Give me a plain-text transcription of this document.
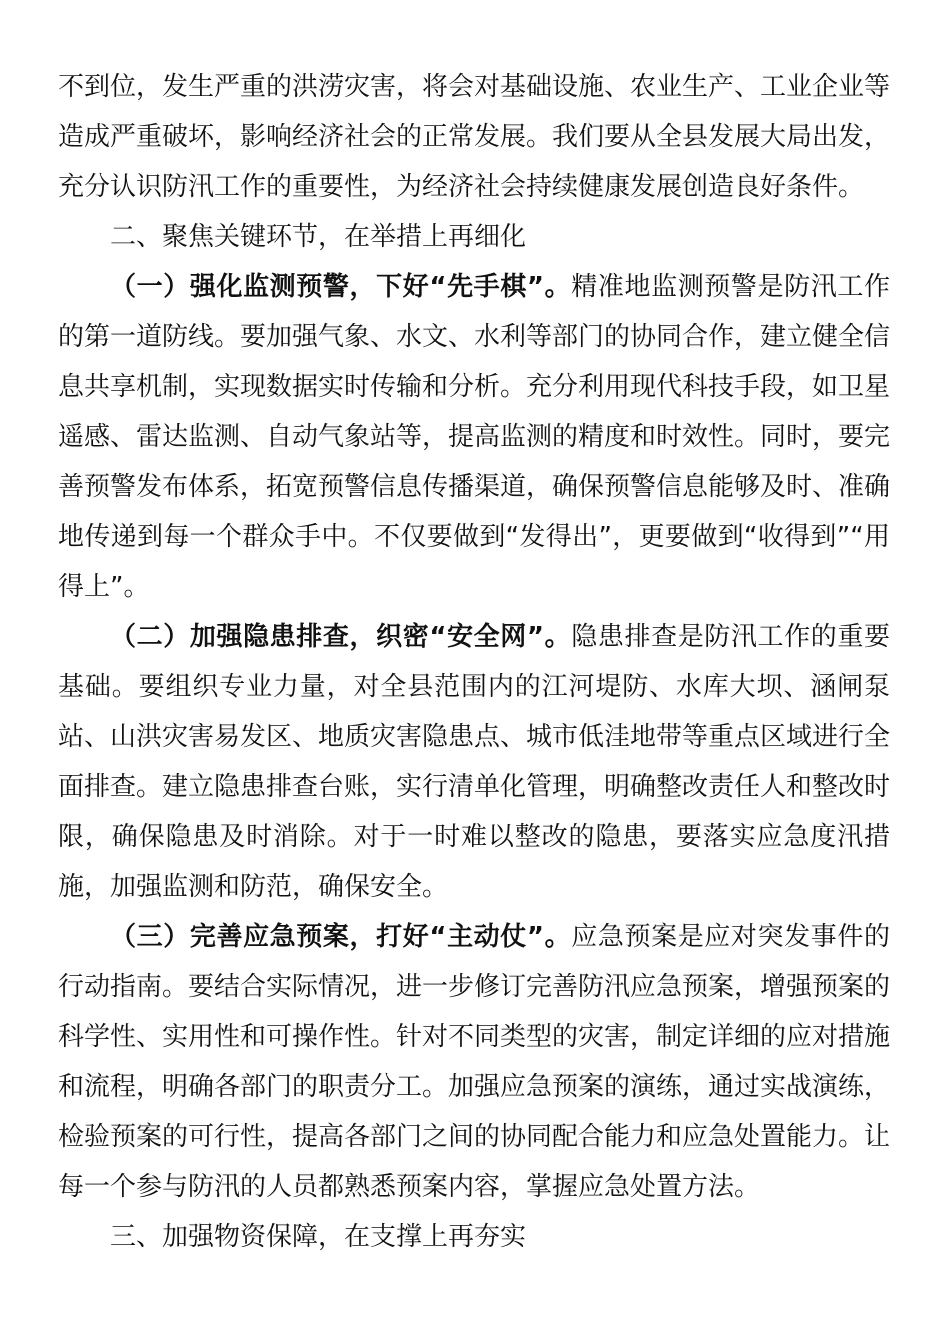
不到位，发生严重的洪涝灾害，将会对基础设施、农业生产、工业企业等造成严重破坏，影响经济社会的正常发展。我们要从全县发展大局出发，充分认识防汛工作的重要性，为经济社会持续健康发展创造良好条件。

二、聚焦关键环节，在举措上再细化

（一）强化监测预警，下好“先手棋”。精准地监测预警是防汛工作的第一道防线。要加强气象、水文、水利等部门的协同合作，建立健全信息共享机制，实现数据实时传输和分析。充分利用现代科技手段，如卫星遥感、雷达监测、自动气象站等，提高监测的精度和时效性。同时，要完善预警发布体系，拓宽预警信息传播渠道，确保预警信息能够及时、准确地传递到每一个群众手中。不仅要做到“发得出”，更要做到“收得到”“用得上”。

（二）加强隐患排查，织密“安全网”。隐患排查是防汛工作的重要基础。要组织专业力量，对全县范围内的江河堤防、水库大坝、涵闸泵站、山洪灾害易发区、地质灾害隐患点、城市低洼地带等重点区域进行全面排查。建立隐患排查台账，实行清单化管理，明确整改责任人和整改时限，确保隐患及时消除。对于一时难以整改的隐患，要落实应急度汛措施，加强监测和防范，确保安全。

（三）完善应急预案，打好“主动仗”。应急预案是应对突发事件的行动指南。要结合实际情况，进一步修订完善防汛应急预案，增强预案的科学性、实用性和可操作性。针对不同类型的灾害，制定详细的应对措施和流程，明确各部门的职责分工。加强应急预案的演练，通过实战演练，检验预案的可行性，提高各部门之间的协同配合能力和应急处置能力。让每一个参与防汛的人员都熟悉预案内容，掌握应急处置方法。

三、加强物资保障，在支撑上再夯实
